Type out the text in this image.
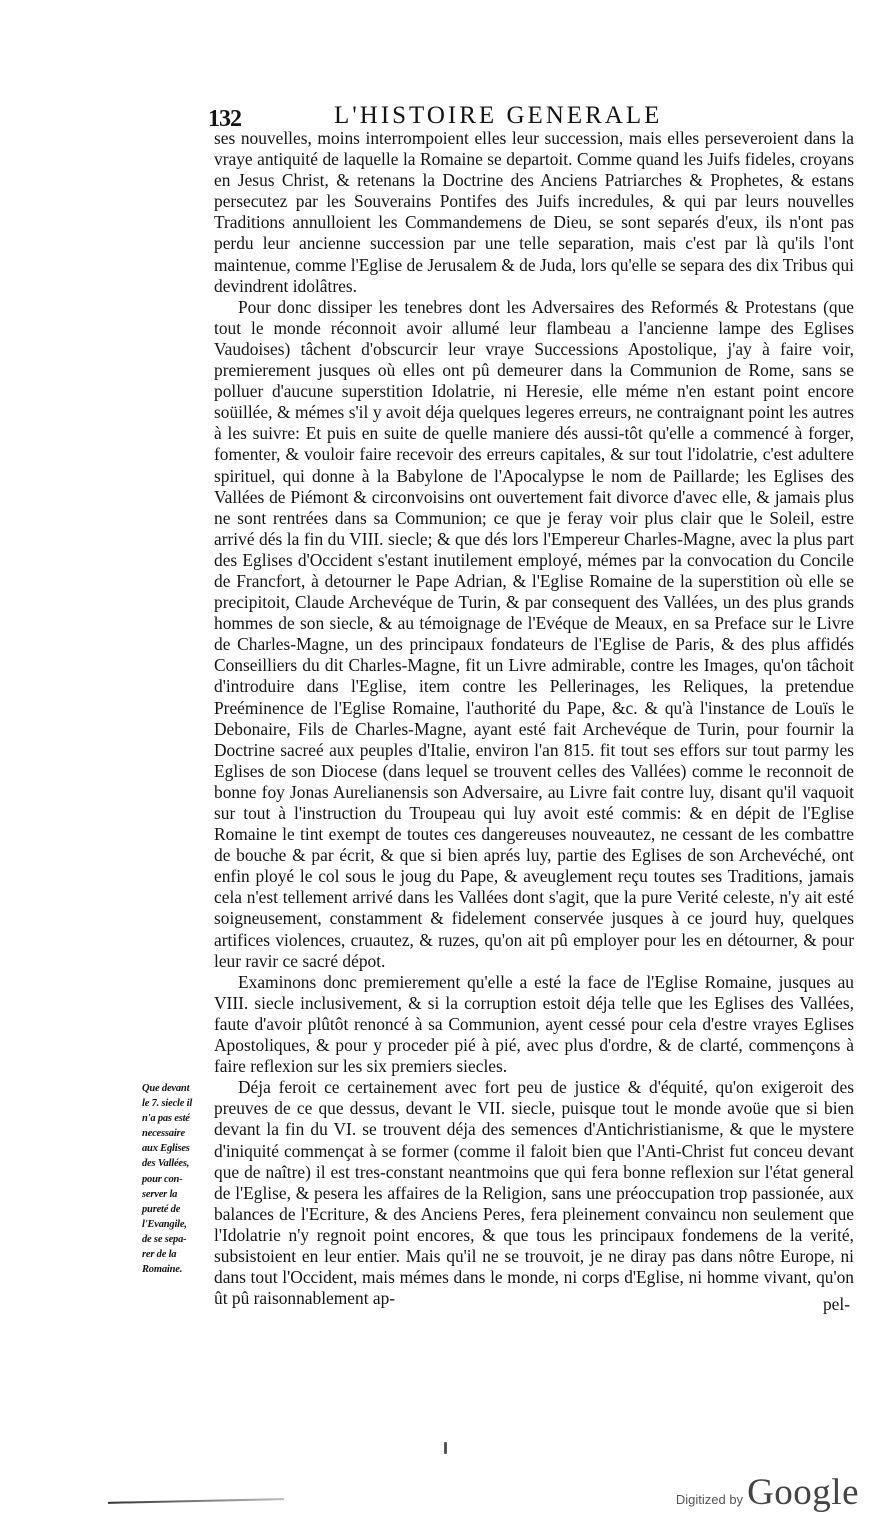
132	L'HISTOIRE GENERALE

ses nouvelles, moins interrompoient elles leur succession, mais elles perseveroient dans la vraye antiquité de laquelle la Romaine se departoit. Comme quand les Juifs fideles, croyans en Jesus Christ, & retenans la Doctrine des Anciens Patriarches & Prophetes, & estans persecutez par les Souverains Pontifes des Juifs incredules, & qui par leurs nouvelles Traditions annulloient les Commandemens de Dieu, se sont separés d'eux, ils n'ont pas perdu leur ancienne succession par une telle separation, mais c'est par là qu'ils l'ont maintenue, comme l'Eglise de Jerusalem & de Juda, lors qu'elle se separa des dix Tribus qui devindrent idolâtres.

Pour donc dissiper les tenebres dont les Adversaires des Reformés & Protestans (que tout le monde réconnoit avoir allumé leur flambeau a l'ancienne lampe des Eglises Vaudoises) tâchent d'obscurcir leur vraye Successions Apostolique, j'ay à faire voir, premierement jusques où elles ont pû demeurer dans la Communion de Rome, sans se polluer d'aucune superstition Idolatrie, ni Heresie, elle méme n'en estant point encore soüillée, & mémes s'il y avoit déja quelques legeres erreurs, ne contraignant point les autres à les suivre: Et puis en suite de quelle maniere dés aussi-tôt qu'elle a commencé à forger, fomenter, & vouloir faire recevoir des erreurs capitales, & sur tout l'idolatrie, c'est adultere spirituel, qui donne à la Babylone de l'Apocalypse le nom de Paillarde; les Eglises des Vallées de Piémont & circonvoisins ont ouvertement fait divorce d'avec elle, & jamais plus ne sont rentrées dans sa Communion; ce que je feray voir plus clair que le Soleil, estre arrivé dés la fin du VIII. siecle; & que dés lors l'Empereur Charles-Magne, avec la plus part des Eglises d'Occident s'estant inutilement employé, mémes par la convocation du Concile de Francfort, à detourner le Pape Adrian, & l'Eglise Romaine de la superstition où elle se precipitoit, Claude Archevéque de Turin, & par consequent des Vallées, un des plus grands hommes de son siecle, & au témoignage de l'Evéque de Meaux, en sa Preface sur le Livre de Charles-Magne, un des principaux fondateurs de l'Eglise de Paris, & des plus affidés Conseilliers du dit Charles-Magne, fit un Livre admirable, contre les Images, qu'on tâchoit d'introduire dans l'Eglise, item contre les Pellerinages, les Reliques, la pretendue Preéminence de l'Eglise Romaine, l'authorité du Pape, &c. & qu'à l'instance de Louïs le Debonaire, Fils de Charles-Magne, ayant esté fait Archevéque de Turin, pour fournir la Doctrine sacreé aux peuples d'Italie, environ l'an 815. fit tout ses effors sur tout parmy les Eglises de son Diocese (dans lequel se trouvent celles des Vallées) comme le reconnoit de bonne foy Jonas Aurelianensis son Adversaire, au Livre fait contre luy, disant qu'il vaquoit sur tout à l'instruction du Troupeau qui luy avoit esté commis: & en dépit de l'Eglise Romaine le tint exempt de toutes ces dangereuses nouveautez, ne cessant de les combattre de bouche & par écrit, & que si bien aprés luy, partie des Eglises de son Archevéché, ont enfin ployé le col sous le joug du Pape, & aveuglement reçu toutes ses Traditions, jamais cela n'est tellement arrivé dans les Vallées dont s'agit, que la pure Verité celeste, n'y ait esté soigneusement, constamment & fidelement conservée jusques à ce jourd huy, quelques artifices violences, cruautez, & ruzes, qu'on ait pû employer pour les en détourner, & pour leur ravir ce sacré dépot.

Examinons donc premierement qu'elle a esté la face de l'Eglise Romaine, jusques au VIII. siecle inclusivement, & si la corruption estoit déja telle que les Eglises des Vallées, faute d'avoir plûtôt renoncé à sa Communion, ayent cessé pour cela d'estre vrayes Eglises Apostoliques, & pour y proceder pié à pié, avec plus d'ordre, & de clarté, commençons à faire reflexion sur les six premiers siecles.

Déja feroit ce certainement avec fort peu de justice & d'équité, qu'on exigeroit des preuves de ce que dessus, devant le VII. siecle, puisque tout le monde avoüe que si bien devant la fin du VI. se trouvent déja des semences d'Antichristianisme, & que le mystere d'iniquité commençat à se former (comme il faloit bien que l'Anti-Christ fut conceu devant que de naître) il est tres-constant neantmoins que qui fera bonne reflexion sur l'état general de l'Eglise, & pesera les affaires de la Religion, sans une préoccupation trop passionée, aux balances de l'Ecriture, & des Anciens Peres, fera pleinement convaincu non seulement que l'Idolatrie n'y regnoit point encores, & que tous les principaux fondemens de la verité, subsistoient en leur entier. Mais qu'il ne se trouvoit, je ne diray pas dans nôtre Europe, ni dans tout l'Occident, mais mémes dans le monde, ni corps d'Eglise, ni homme vivant, qu'on ût pû raisonnablement ap-

Que devant
le 7. siecle il
n'a pas esté
necessaire
aux Eglises
des Vallées,
pour con-
server la
pureté de
l'Evangile,
de se sepa-
rer de la
Romaine.
pel-
Digitized by Google
